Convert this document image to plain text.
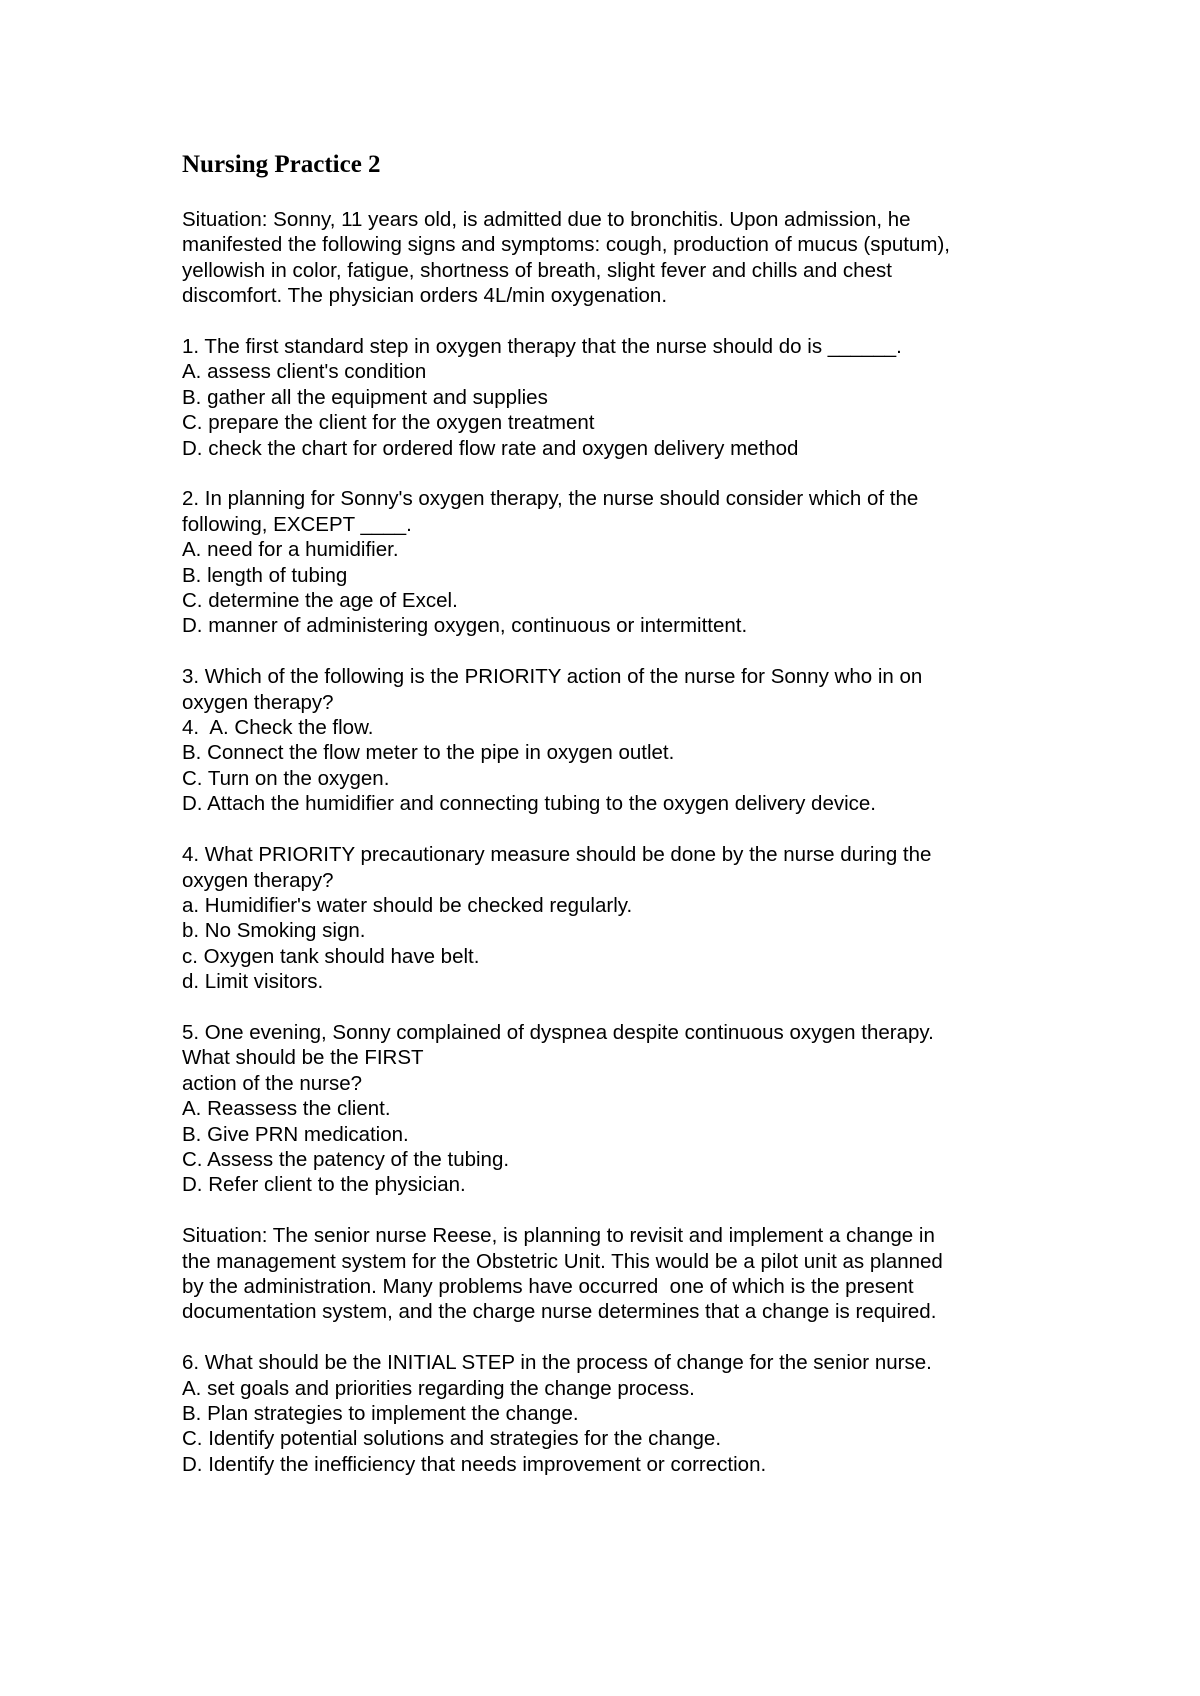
Nursing Practice 2
Situation: Sonny, 11 years old, is admitted due to bronchitis. Upon admission, he
manifested the following signs and symptoms: cough, production of mucus (sputum),
yellowish in color, fatigue, shortness of breath, slight fever and chills and chest
discomfort. The physician orders 4L/min oxygenation.
1. The first standard step in oxygen therapy that the nurse should do is ______.
A. assess client's condition
B. gather all the equipment and supplies
C. prepare the client for the oxygen treatment
D. check the chart for ordered flow rate and oxygen delivery method
2. In planning for Sonny's oxygen therapy, the nurse should consider which of the
following, EXCEPT ____.
A. need for a humidifier.
B. length of tubing
C. determine the age of Excel.
D. manner of administering oxygen, continuous or intermittent.
3. Which of the following is the PRIORITY action of the nurse for Sonny who in on
oxygen therapy?
4.  A. Check the flow.
B. Connect the flow meter to the pipe in oxygen outlet.
C. Turn on the oxygen.
D. Attach the humidifier and connecting tubing to the oxygen delivery device.
4. What PRIORITY precautionary measure should be done by the nurse during the
oxygen therapy?
a. Humidifier's water should be checked regularly.
b. No Smoking sign.
c. Oxygen tank should have belt.
d. Limit visitors.
5. One evening, Sonny complained of dyspnea despite continuous oxygen therapy.
What should be the FIRST
action of the nurse?
A. Reassess the client.
B. Give PRN medication.
C. Assess the patency of the tubing.
D. Refer client to the physician.
Situation: The senior nurse Reese, is planning to revisit and implement a change in
the management system for the Obstetric Unit. This would be a pilot unit as planned
by the administration. Many problems have occurred  one of which is the present
documentation system, and the charge nurse determines that a change is required.
6. What should be the INITIAL STEP in the process of change for the senior nurse.
A. set goals and priorities regarding the change process.
B. Plan strategies to implement the change.
C. Identify potential solutions and strategies for the change.
D. Identify the inefficiency that needs improvement or correction.
